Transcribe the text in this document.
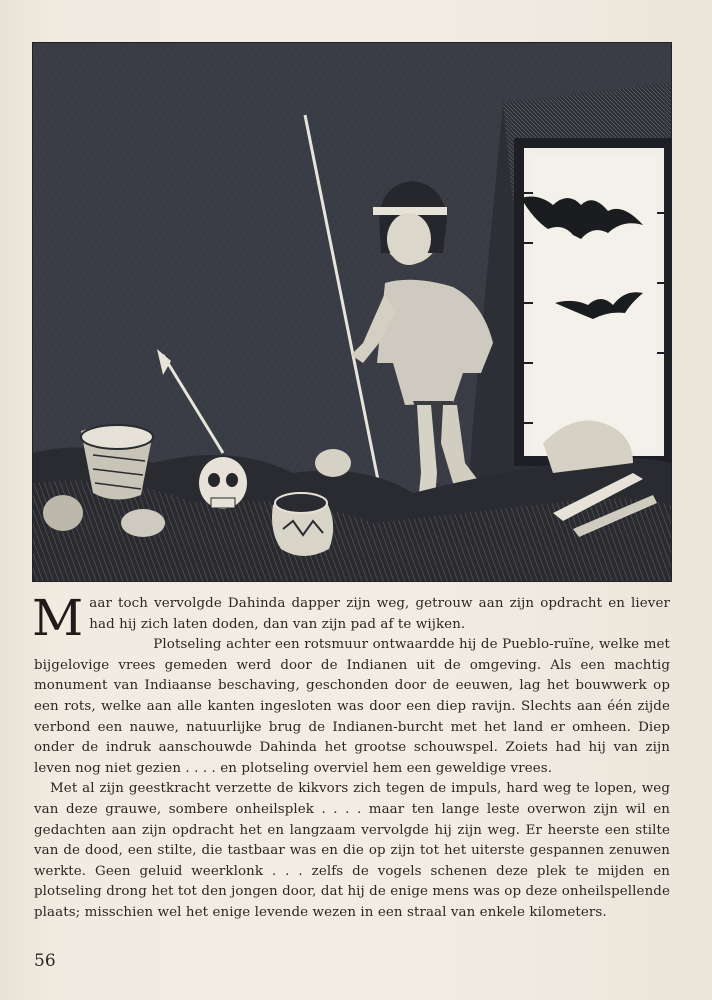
Maar toch vervolgde Dahinda dapper zijn weg, getrouw aan zijn opdracht en liever had hij zich laten doden, dan van zijn pad af te wijken.

Plotseling achter een rotsmuur ontwaardde hij de Pueblo-ruïne, welke met bijgelovige vrees gemeden werd door de Indianen uit de omgeving. Als een machtig monument van Indiaanse beschaving, geschonden door de eeuwen, lag het bouwwerk op een rots, welke aan alle kanten ingesloten was door een diep ravijn. Slechts aan één zijde verbond een nauwe, natuurlijke brug de Indianen-burcht met het land er omheen. Diep onder de indruk aanschouwde Dahinda het grootse schouwspel. Zoiets had hij van zijn leven nog niet gezien . . . . en plotseling overviel hem een geweldige vrees.

Met al zijn geestkracht verzette de kikvors zich tegen de impuls, hard weg te lopen, weg van deze grauwe, sombere onheilsplek . . . . maar ten lange leste overwon zijn wil en gedachten aan zijn opdracht het en langzaam vervolgde hij zijn weg. Er heerste een stilte van de dood, een stilte, die tastbaar was en die op zijn tot het uiterste gespannen zenuwen werkte. Geen geluid weerklonk . . . zelfs de vogels schenen deze plek te mijden en plotseling drong het tot den jongen door, dat hij de enige mens was op deze onheilspellende plaats; misschien wel het enige levende wezen in een straal van enkele kilometers.

56
